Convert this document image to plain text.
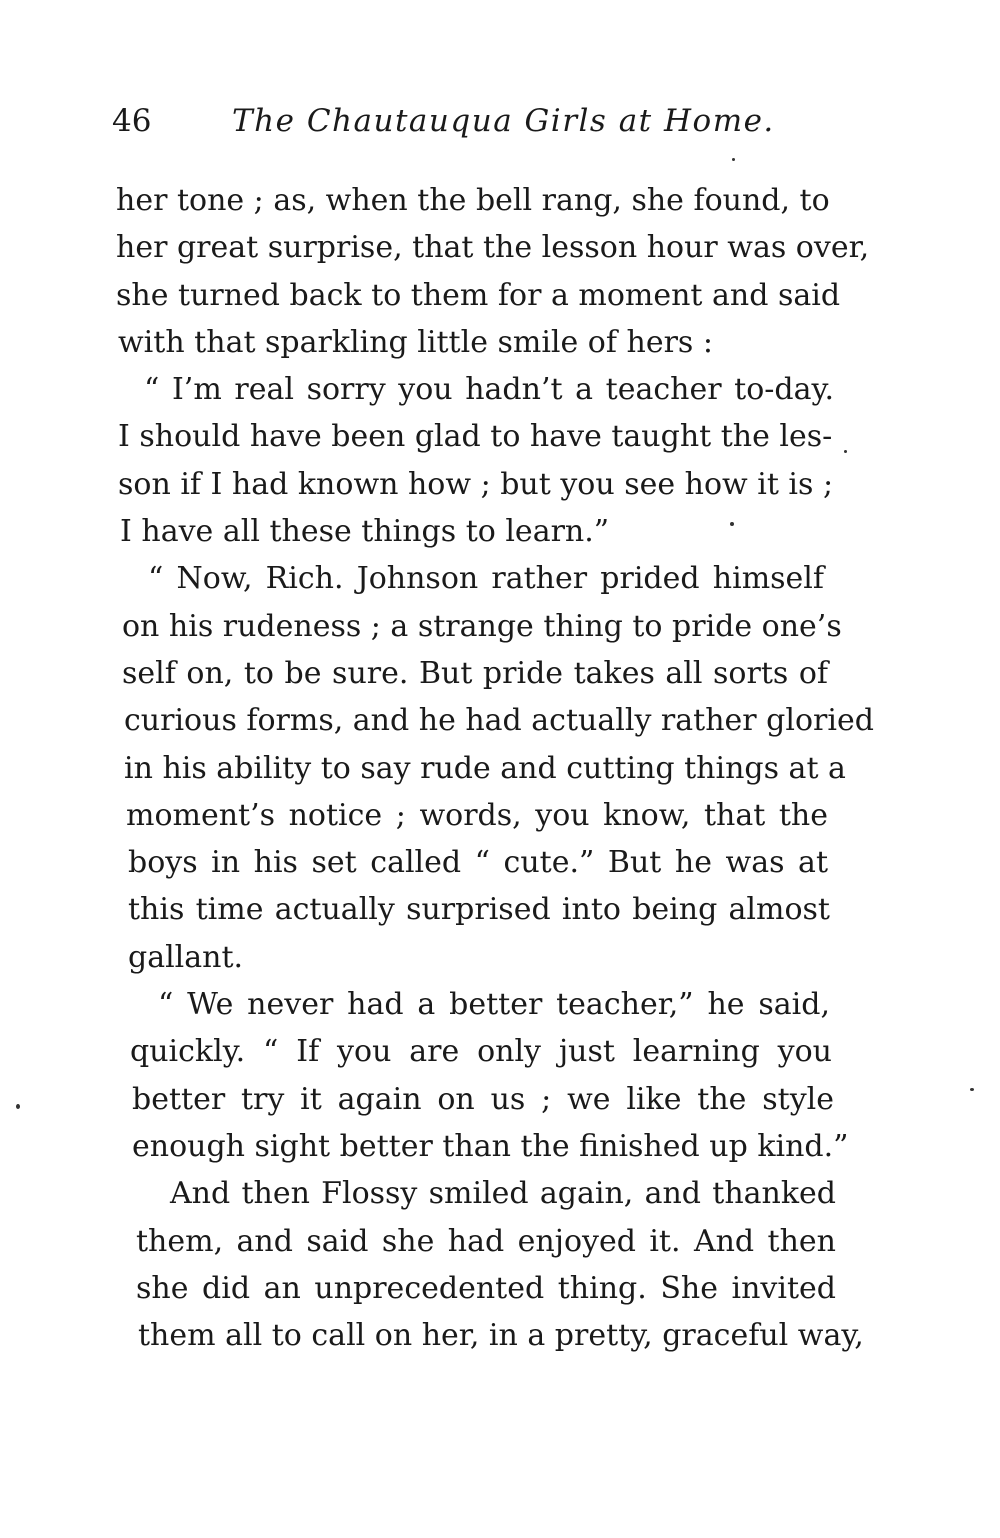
46	The Chautauqua Girls at Home.
her tone ; as, when the bell rang, she found, to
her great surprise, that the lesson hour was over,
she turned back to them for a moment and said
with that sparkling little smile of hers :
“ I’m real sorry you hadn’t a teacher to-day.
I should have been glad to have taught the les-
son if I had known how ; but you see how it is ;
I have all these things to learn.”
“ Now, Rich. Johnson rather prided himself
on his rudeness ; a strange thing to pride one’s
self on, to be sure. But pride takes all sorts of
curious forms, and he had actually rather gloried
in his ability to say rude and cutting things at a
moment’s notice ; words, you know, that the
boys in his set called “ cute.” But he was at
this time actually surprised into being almost
gallant.
“ We never had a better teacher,” he said,
quickly. “ If you are only just learning you
better try it again on us ; we like the style
enough sight better than the finished up kind.”
And then Flossy smiled again, and thanked
them, and said she had enjoyed it. And then
she did an unprecedented thing. She invited
them all to call on her, in a pretty, graceful way,
